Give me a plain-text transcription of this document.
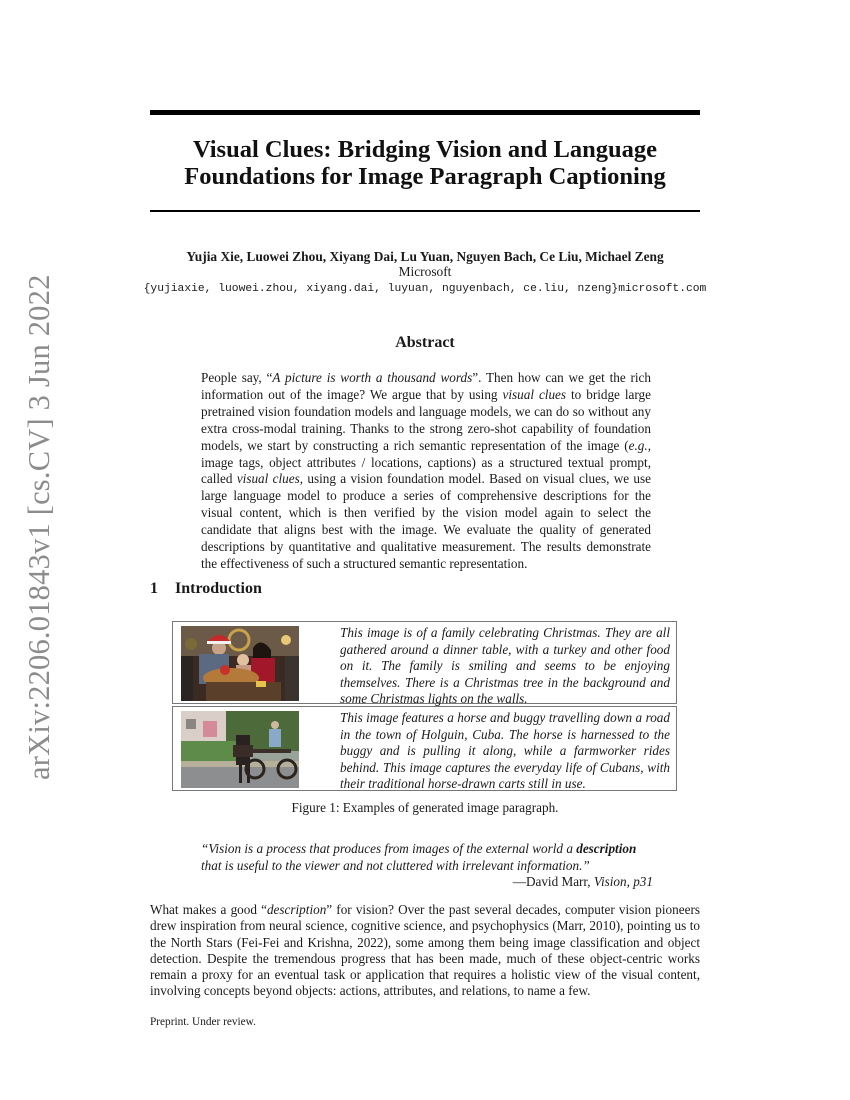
arXiv:2206.01843v1 [cs.CV] 3 Jun 2022
Visual Clues: Bridging Vision and Language
Foundations for Image Paragraph Captioning
Yujia Xie, Luowei Zhou, Xiyang Dai, Lu Yuan, Nguyen Bach, Ce Liu, Michael Zeng
Microsoft
{yujiaxie, luowei.zhou, xiyang.dai, luyuan, nguyenbach, ce.liu, nzeng}microsoft.com
Abstract
People say, “A picture is worth a thousand words”. Then how can we get the rich information out of the image? We argue that by using visual clues to bridge large pretrained vision foundation models and language models, we can do so without any extra cross-modal training. Thanks to the strong zero-shot capability of foundation models, we start by constructing a rich semantic representation of the image (e.g., image tags, object attributes / locations, captions) as a structured textual prompt, called visual clues, using a vision foundation model. Based on visual clues, we use large language model to produce a series of comprehensive descriptions for the visual content, which is then verified by the vision model again to select the candidate that aligns best with the image. We evaluate the quality of generated descriptions by quantitative and qualitative measurement. The results demonstrate the effectiveness of such a structured semantic representation.
1 Introduction
This image is of a family celebrating Christmas. They are all gathered around a dinner table, with a turkey and other food on it. The family is smiling and seems to be enjoying themselves. There is a Christmas tree in the background and some Christmas lights on the walls.
This image features a horse and buggy travelling down a road in the town of Holguin, Cuba. The horse is harnessed to the buggy and is pulling it along, while a farmworker rides behind. This image captures the everyday life of Cubans, with their traditional horse-drawn carts still in use.
Figure 1: Examples of generated image paragraph.
“Vision is a process that produces from images of the external world a description that is useful to the viewer and not cluttered with irrelevant information.”
—David Marr, Vision, p31
What makes a good “description” for vision? Over the past several decades, computer vision pioneers drew inspiration from neural science, cognitive science, and psychophysics (Marr, 2010), pointing us to the North Stars (Fei-Fei and Krishna, 2022), some among them being image classification and object detection. Despite the tremendous progress that has been made, much of these object-centric works remain a proxy for an eventual task or application that requires a holistic view of the visual content, involving concepts beyond objects: actions, attributes, and relations, to name a few.
Preprint. Under review.
